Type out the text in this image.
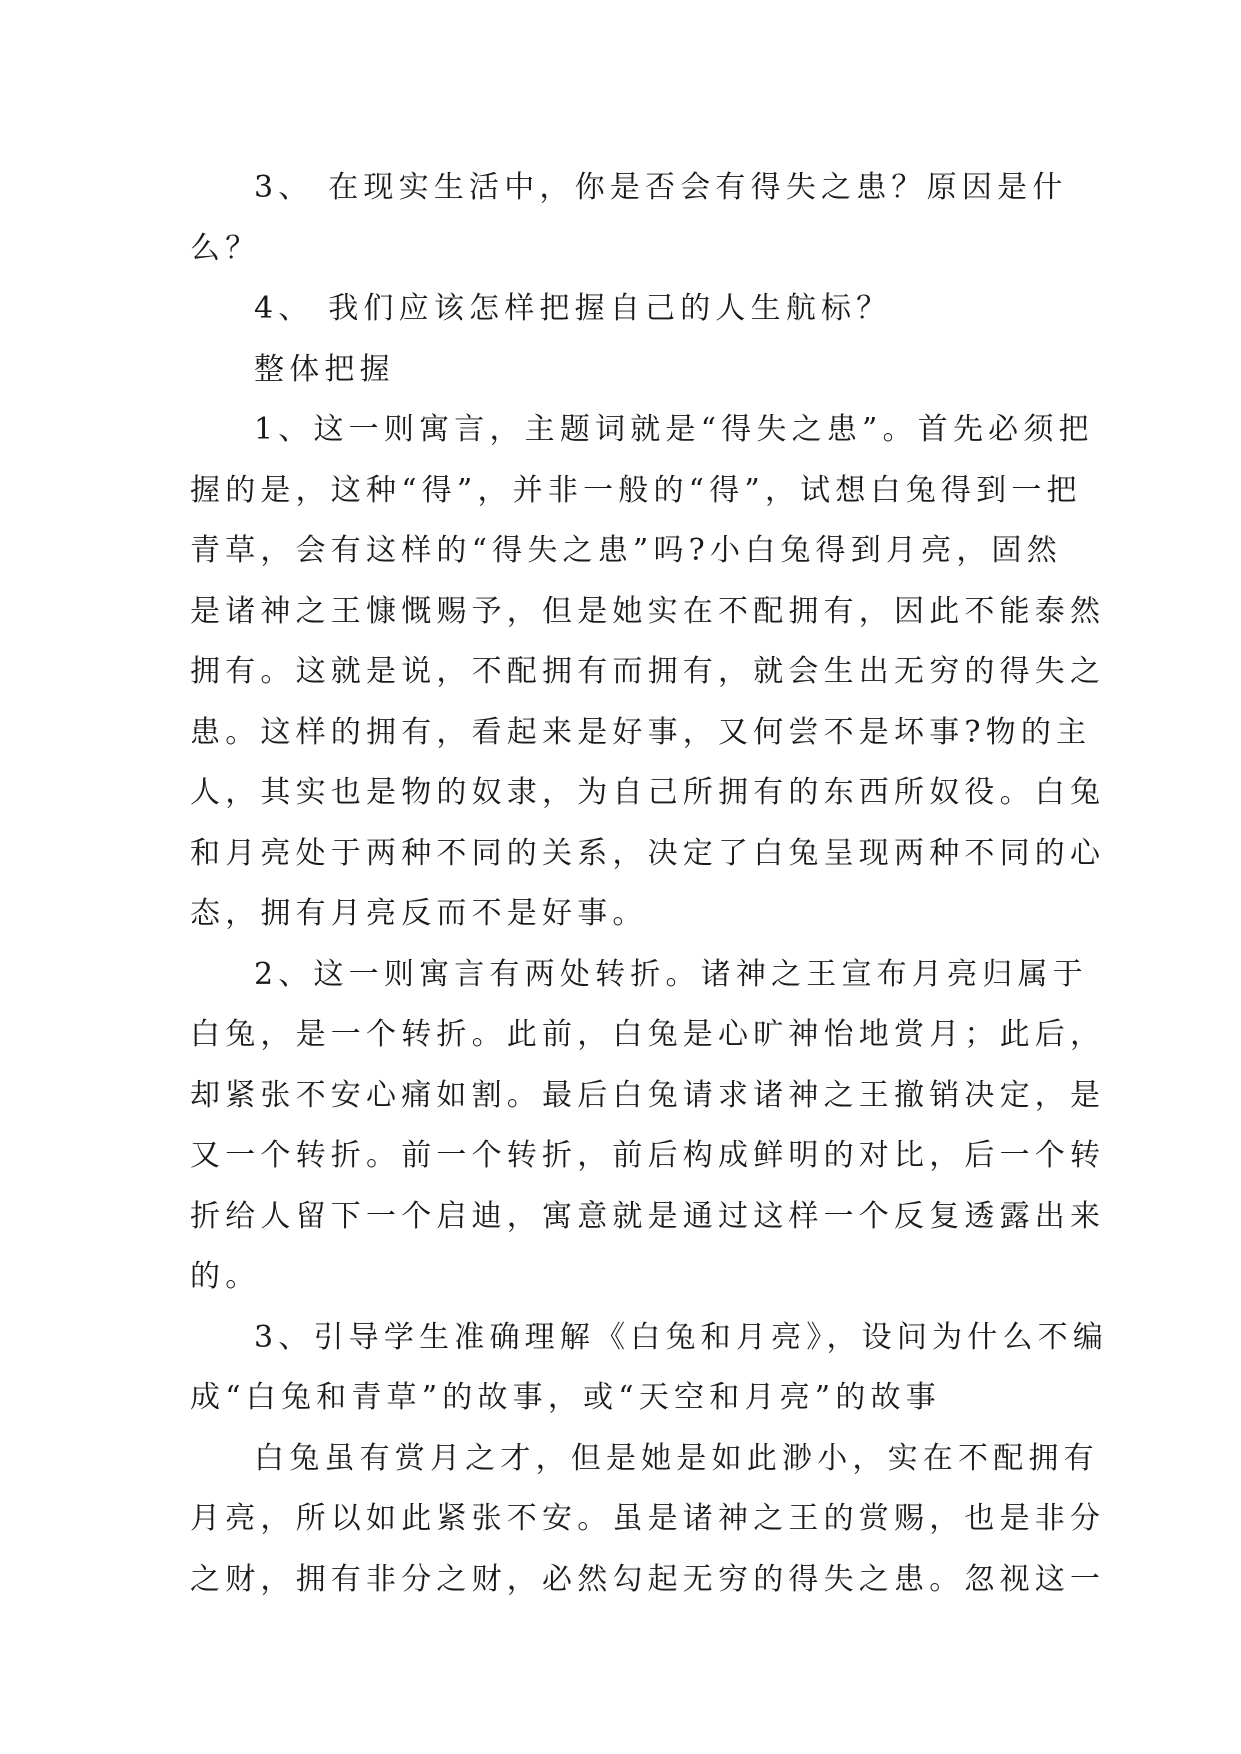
3、 在现实生活中，你是否会有得失之患？原因是什
么？
4、 我们应该怎样把握自己的人生航标？
整体把握
1、这一则寓言，主题词就是“得失之患”。首先必须把
握的是，这种“得”，并非一般的“得”，试想白兔得到一把
青草，会有这样的“得失之患”吗?小白兔得到月亮，固然
是诸神之王慷慨赐予，但是她实在不配拥有，因此不能泰然
拥有。这就是说，不配拥有而拥有，就会生出无穷的得失之
患。这样的拥有，看起来是好事，又何尝不是坏事?物的主
人，其实也是物的奴隶，为自己所拥有的东西所奴役。白兔
和月亮处于两种不同的关系，决定了白兔呈现两种不同的心
态，拥有月亮反而不是好事。
2、这一则寓言有两处转折。诸神之王宣布月亮归属于
白兔，是一个转折。此前，白兔是心旷神怡地赏月；此后，
却紧张不安心痛如割。最后白兔请求诸神之王撤销决定，是
又一个转折。前一个转折，前后构成鲜明的对比，后一个转
折给人留下一个启迪，寓意就是通过这样一个反复透露出来
的。
3、引导学生准确理解《白兔和月亮》，设问为什么不编
成“白兔和青草”的故事，或“天空和月亮”的故事
白兔虽有赏月之才，但是她是如此渺小，实在不配拥有
月亮，所以如此紧张不安。虽是诸神之王的赏赐，也是非分
之财，拥有非分之财，必然勾起无穷的得失之患。忽视这一
